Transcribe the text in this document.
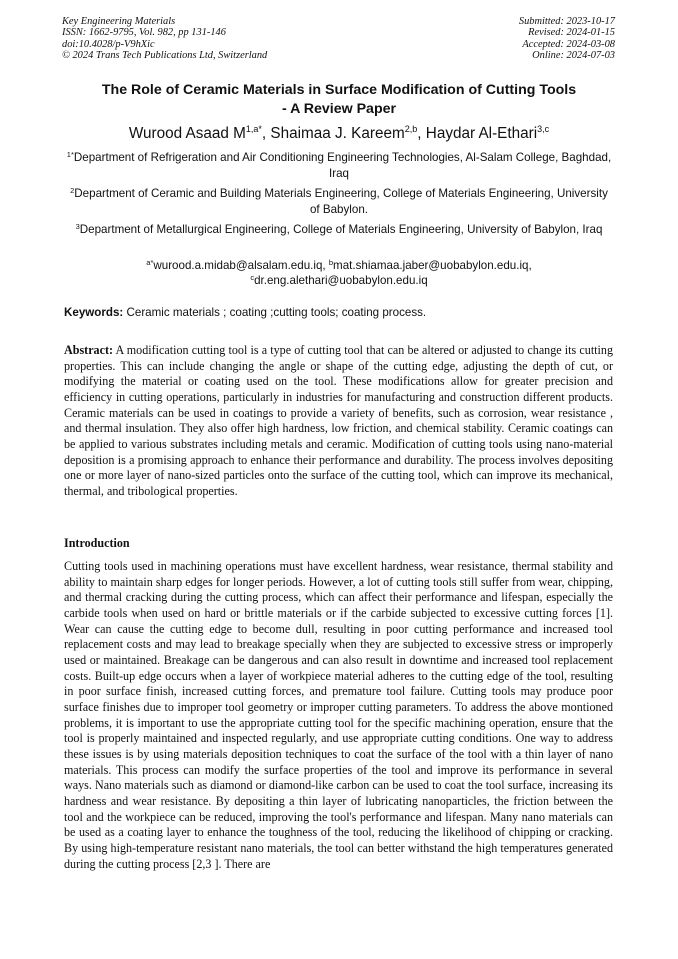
Key Engineering Materials
ISSN: 1662-9795, Vol. 982, pp 131-146
doi:10.4028/p-V9hXic
© 2024 Trans Tech Publications Ltd, Switzerland
Submitted: 2023-10-17
Revised: 2024-01-15
Accepted: 2024-03-08
Online: 2024-07-03
The Role of Ceramic Materials in Surface Modification of Cutting Tools
- A Review Paper
Wurood Asaad $M^{1,a*}$, Shaimaa J. Kareem$^{2,b}$, Haydar Al-Ethari$^{3,c}$
$^{1*}$Department of Refrigeration and Air Conditioning Engineering Technologies, Al-Salam College, Baghdad, Iraq
$^2$Department of Ceramic and Building Materials Engineering, College of Materials Engineering, University of Babylon.
$^3$Department of Metallurgical Engineering, College of Materials Engineering, University of Babylon, Iraq
$^{a*}$wurood.a.midab@alsalam.edu.iq, $^b$mat.shiamaa.jaber@uobabylon.edu.iq,
$^c$dr.eng.alethari@uobabylon.edu.iq
Keywords: Ceramic materials ; coating ;cutting tools; coating process.
Abstract: A modification cutting tool is a type of cutting tool that can be altered or adjusted to change its cutting properties. This can include changing the angle or shape of the cutting edge, adjusting the depth of cut, or modifying the material or coating used on the tool. These modifications allow for greater precision and efficiency in cutting operations, particularly in industries for manufacturing and construction different products. Ceramic materials can be used in coatings to provide a variety of benefits, such as corrosion, wear resistance , and thermal insulation. They also offer high hardness, low friction, and chemical stability. Ceramic coatings can be applied to various substrates including metals and ceramic. Modification of cutting tools using nano-material deposition is a promising approach to enhance their performance and durability. The process involves depositing one or more layer of nano-sized particles onto the surface of the cutting tool, which can improve its mechanical, thermal, and tribological properties.
Introduction
Cutting tools used in machining operations must have excellent hardness, wear resistance, thermal stability and ability to maintain sharp edges for longer periods. However, a lot of cutting tools still suffer from wear, chipping, and thermal cracking during the cutting process, which can affect their performance and lifespan, especially the carbide tools when used on hard or brittle materials or if the carbide subjected to excessive cutting forces [1]. Wear can cause the cutting edge to become dull, resulting in poor cutting performance and increased tool replacement costs and may lead to breakage specially when they are subjected to excessive stress or improperly used or maintained. Breakage can be dangerous and can also result in downtime and increased tool replacement costs. Built-up edge occurs when a layer of workpiece material adheres to the cutting edge of the tool, resulting in poor surface finish, increased cutting forces, and premature tool failure. Cutting tools may produce poor surface finishes due to improper tool geometry or improper cutting parameters. To address the above montioned problems, it is important to use the appropriate cutting tool for the specific machining operation, ensure that the tool is properly maintained and inspected regularly, and use appropriate cutting conditions. One way to address these issues is by using materials deposition techniques to coat the surface of the tool with a thin layer of nano materials. This process can modify the surface properties of the tool and improve its performance in several ways. Nano materials such as diamond or diamond-like carbon can be used to coat the tool surface, increasing its hardness and wear resistance. By depositing a thin layer of lubricating nanoparticles, the friction between the tool and the workpiece can be reduced, improving the tool's performance and lifespan. Many nano materials can be used as a coating layer to enhance the toughness of the tool, reducing the likelihood of chipping or cracking. By using high-temperature resistant nano materials, the tool can better withstand the high temperatures generated during the cutting process [2,3 ]. There are
